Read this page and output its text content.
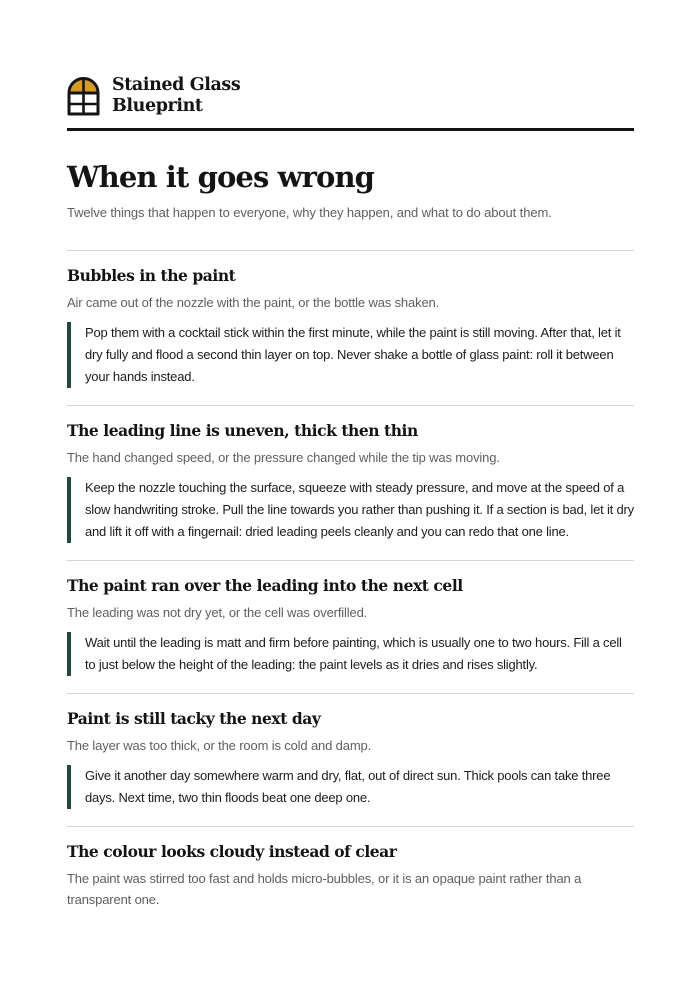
Stained Glass
Blueprint
When it goes wrong
Twelve things that happen to everyone, why they happen, and what to do about them.
Bubbles in the paint
Air came out of the nozzle with the paint, or the bottle was shaken.
Pop them with a cocktail stick within the first minute, while the paint is still moving. After that, let it dry fully and flood a second thin layer on top. Never shake a bottle of glass paint: roll it between your hands instead.
The leading line is uneven, thick then thin
The hand changed speed, or the pressure changed while the tip was moving.
Keep the nozzle touching the surface, squeeze with steady pressure, and move at the speed of a slow handwriting stroke. Pull the line towards you rather than pushing it. If a section is bad, let it dry and lift it off with a fingernail: dried leading peels cleanly and you can redo that one line.
The paint ran over the leading into the next cell
The leading was not dry yet, or the cell was overfilled.
Wait until the leading is matt and firm before painting, which is usually one to two hours. Fill a cell to just below the height of the leading: the paint levels as it dries and rises slightly.
Paint is still tacky the next day
The layer was too thick, or the room is cold and damp.
Give it another day somewhere warm and dry, flat, out of direct sun. Thick pools can take three days. Next time, two thin floods beat one deep one.
The colour looks cloudy instead of clear
The paint was stirred too fast and holds micro-bubbles, or it is an opaque paint rather than a transparent one.
